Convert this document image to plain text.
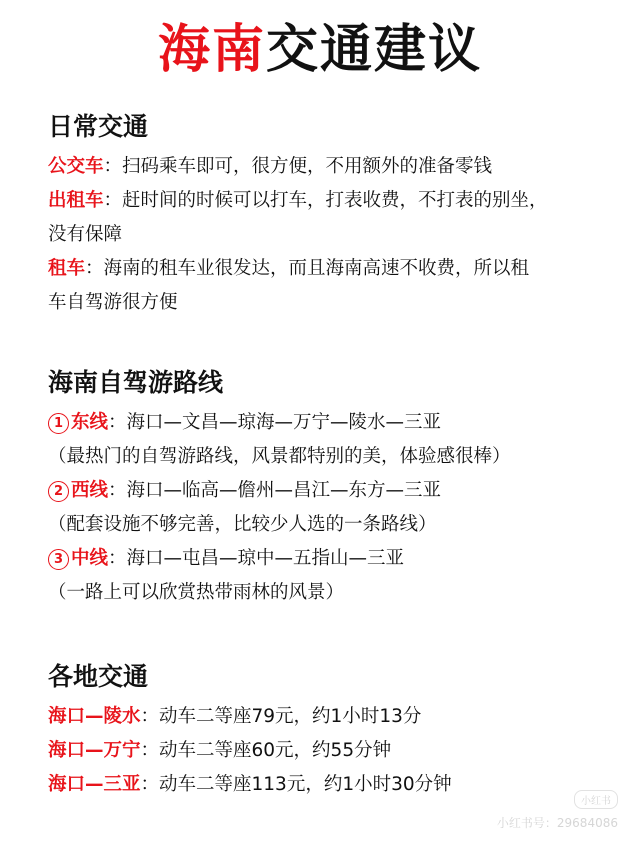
海南交通建议
日常交通
公交车：扫码乘车即可，很方便，不用额外的准备零钱
出租车：赶时间的时候可以打车，打表收费，不打表的别坐，
没有保障
租车：海南的租车业很发达，而且海南高速不收费，所以租
车自驾游很方便
海南自驾游路线
1 东线：海口—文昌—琼海—万宁—陵水—三亚
（最热门的自驾游路线，风景都特别的美，体验感很棒）
2 西线：海口—临高—儋州—昌江—东方—三亚
（配套设施不够完善，比较少人选的一条路线）
3 中线：海口—屯昌—琼中—五指山—三亚
（一路上可以欣赏热带雨林的风景）
各地交通
海口—陵水：动车二等座79元，约1小时13分
海口—万宁：动车二等座60元，约55分钟
海口—三亚：动车二等座113元，约1小时30分钟
小红书
小红书号：29684086
